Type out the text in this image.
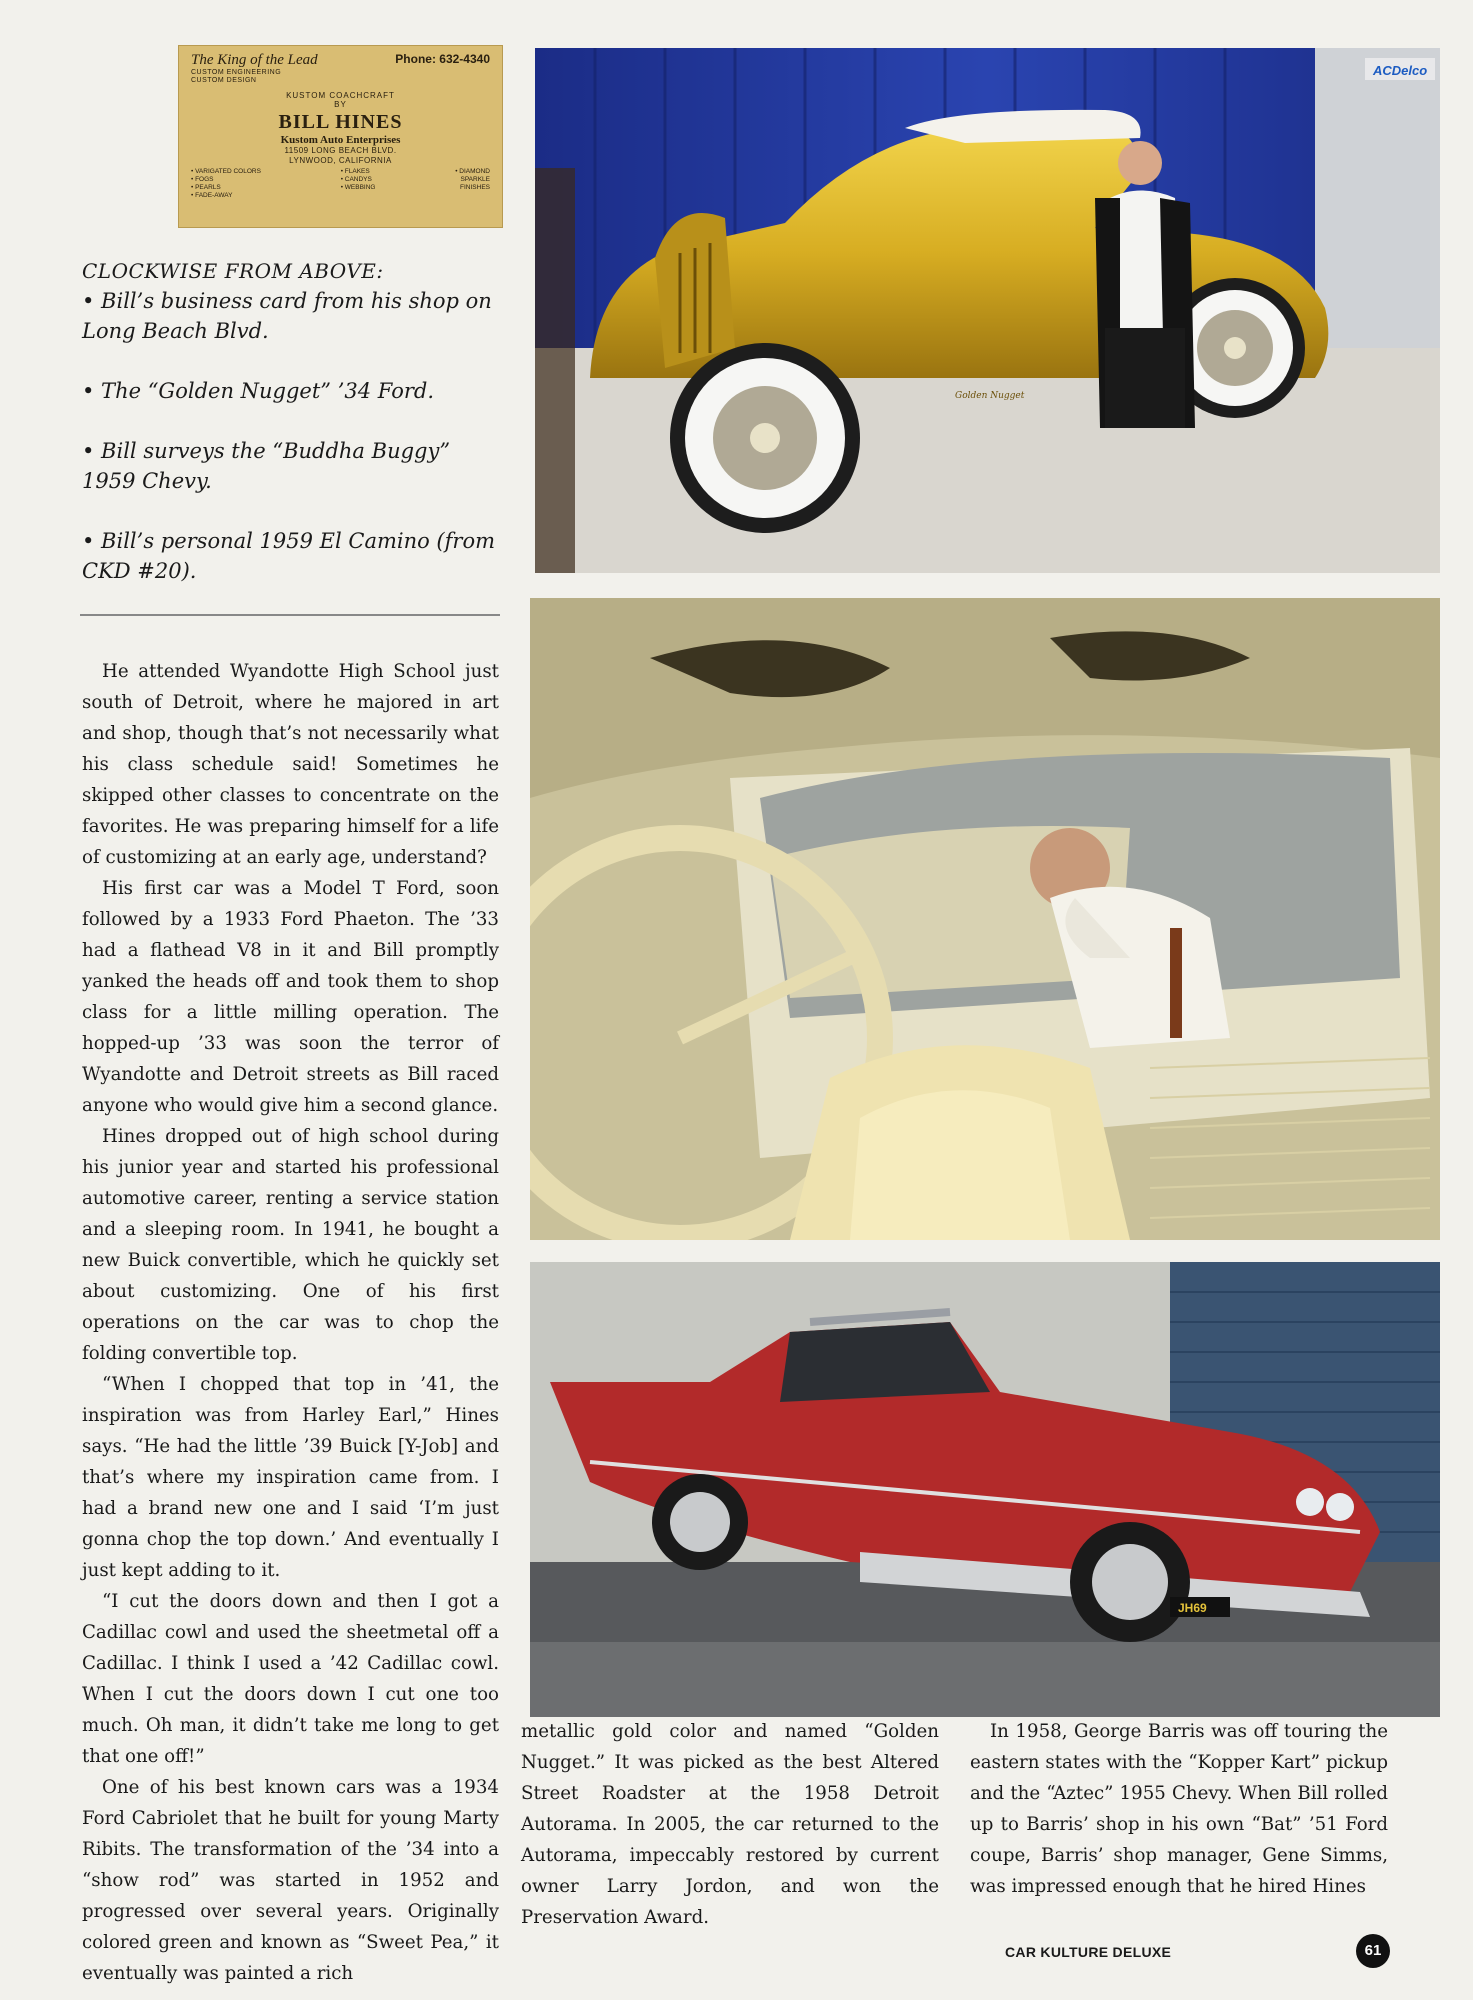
The King of the Lead	Phone: 632-4340
CUSTOM ENGINEERING
CUSTOM DESIGN
KUSTOM COACHCRAFT
BY
BILL HINES
Kustom Auto Enterprises
11509 LONG BEACH BLVD.
LYNWOOD, CALIFORNIA
• VARIGATED COLORS
• FOGS
• PEARLS
• FADE-AWAY
• FLAKES
• CANDYS
• WEBBING
• DIAMOND
SPARKLE
FINISHES
CLOCKWISE FROM ABOVE:
• Bill’s business card from his shop on Long Beach Blvd.
• The “Golden Nugget” ’34 Ford.
• Bill surveys the “Buddha Buggy” 1959 Chevy.
• Bill’s personal 1959 El Camino (from CKD #20).
ACDelco
Golden Nugget
JH69

He attended Wyandotte High School just south of Detroit, where he majored in art and shop, though that’s not necessarily what his class schedule said! Sometimes he skipped other classes to concentrate on the favorites. He was preparing himself for a life of customizing at an early age, understand?

His first car was a Model T Ford, soon followed by a 1933 Ford Phaeton. The ’33 had a flathead V8 in it and Bill promptly yanked the heads off and took them to shop class for a little milling operation. The hopped-up ’33 was soon the terror of Wyandotte and Detroit streets as Bill raced anyone who would give him a second glance.

Hines dropped out of high school during his junior year and started his professional automotive career, renting a service station and a sleeping room. In 1941, he bought a new Buick convertible, which he quickly set about customizing. One of his first operations on the car was to chop the folding convertible top.

“When I chopped that top in ’41, the inspiration was from Harley Earl,” Hines says. “He had the little ’39 Buick [Y-Job] and that’s where my inspiration came from. I had a brand new one and I said ‘I’m just gonna chop the top down.’ And eventually I just kept adding to it.

“I cut the doors down and then I got a Cadillac cowl and used the sheetmetal off a Cadillac. I think I used a ’42 Cadillac cowl. When I cut the doors down I cut one too much. Oh man, it didn’t take me long to get that one off!”

One of his best known cars was a 1934 Ford Cabriolet that he built for young Marty Ribits. The transformation of the ’34 into a “show rod” was started in 1952 and progressed over several years. Originally colored green and known as “Sweet Pea,” it eventually was painted a rich

metallic gold color and named “Golden Nugget.” It was picked as the best Altered Street Roadster at the 1958 Detroit Autorama. In 2005, the car returned to the Autorama, impeccably restored by current owner Larry Jordon, and won the Preservation Award.

In 1958, George Barris was off touring the eastern states with the “Kopper Kart” pickup and the “Aztec” 1955 Chevy. When Bill rolled up to Barris’ shop in his own “Bat” ’51 Ford coupe, Barris’ shop manager, Gene Simms, was impressed enough that he hired Hines

CAR KULTURE DELUXE	61
